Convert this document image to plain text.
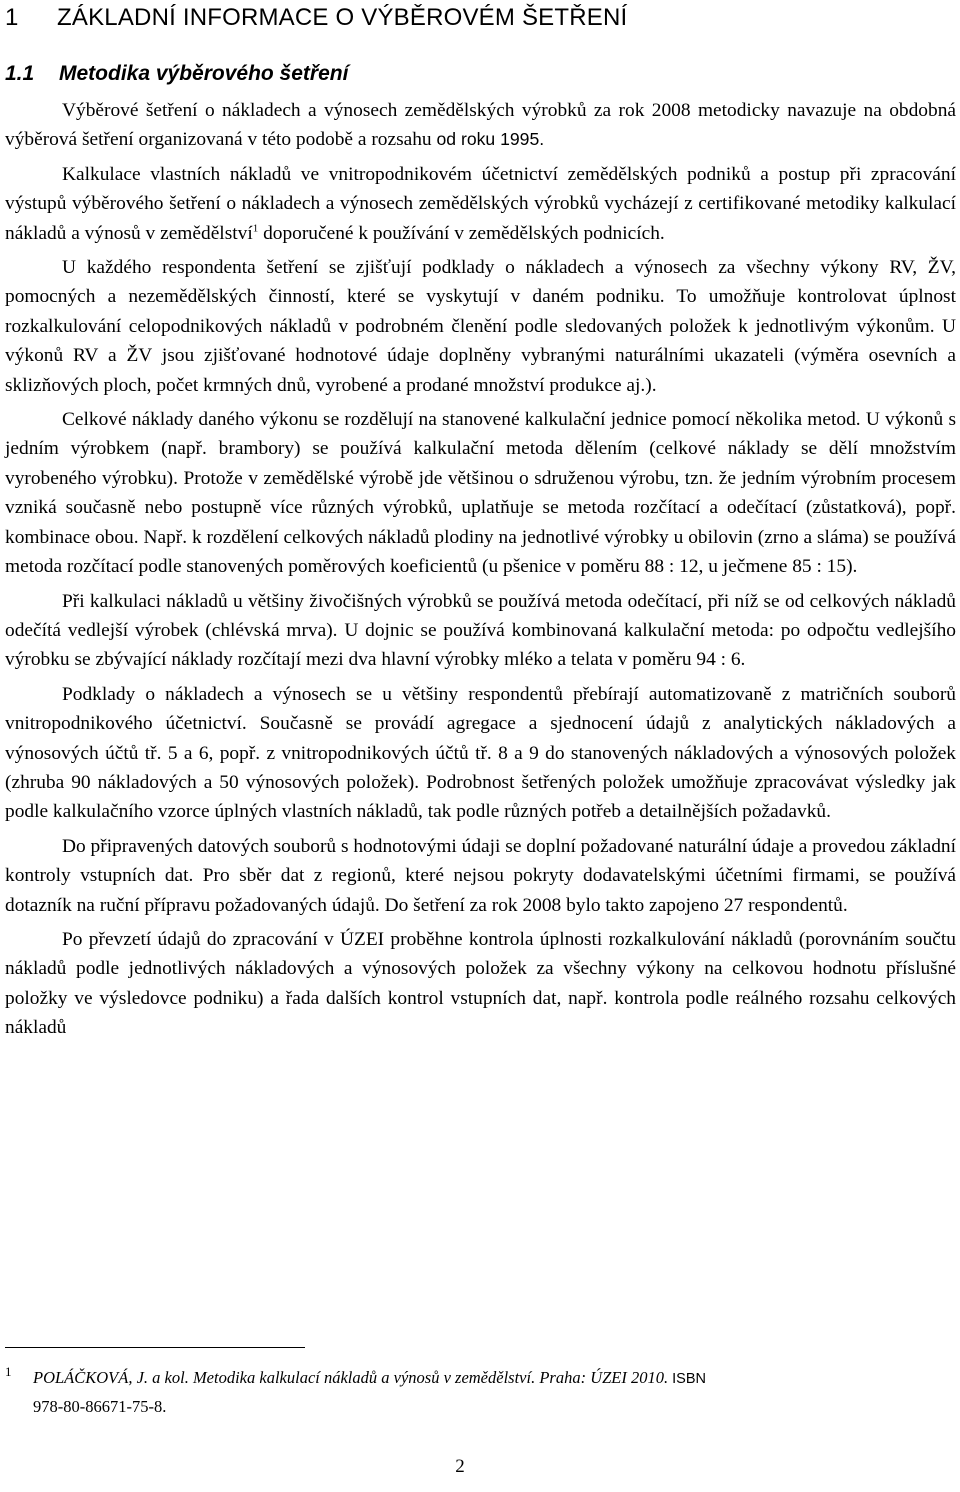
1 ZÁKLADNÍ INFORMACE O VÝBĚROVÉM ŠETŘENÍ
1.1 Metodika výběrového šetření

Výběrové šetření o nákladech a výnosech zemědělských výrobků za rok 2008 metodicky navazuje na obdobná výběrová šetření organizovaná v této podobě a rozsahu od roku 1995.

Kalkulace vlastních nákladů ve vnitropodnikovém účetnictví zemědělských podniků a postup při zpracování výstupů výběrového šetření o nákladech a výnosech zemědělských výrobků vycházejí z certifikované metodiky kalkulací nákladů a výnosů v zemědělství$^1$ doporučené k používání v zemědělských podnicích.

U každého respondenta šetření se zjišťují podklady o nákladech a výnosech za všechny výkony RV, ŽV, pomocných a nezemědělských činností, které se vyskytují v daném podniku. To umožňuje kontrolovat úplnost rozkalkulování celopodnikových nákladů v podrobném členění podle sledovaných položek k jednotlivým výkonům. U výkonů RV a ŽV jsou zjišťované hodnotové údaje doplněny vybranými naturálními ukazateli (výměra osevních a sklizňových ploch, počet krmných dnů, vyrobené a prodané množství produkce aj.).

Celkové náklady daného výkonu se rozdělují na stanovené kalkulační jednice pomocí několika metod. U výkonů s jedním výrobkem (např. brambory) se používá kalkulační metoda dělením (celkové náklady se dělí množstvím vyrobeného výrobku). Protože v zemědělské výrobě jde většinou o sdruženou výrobu, tzn. že jedním výrobním procesem vzniká současně nebo postupně více různých výrobků, uplatňuje se metoda rozčítací a odečítací (zůstatková), popř. kombinace obou. Např. k rozdělení celkových nákladů plodiny na jednotlivé výrobky u obilovin (zrno a sláma) se používá metoda rozčítací podle stanovených poměrových koeficientů (u pšenice v poměru 88 : 12, u ječmene 85 : 15).

Při kalkulaci nákladů u většiny živočišných výrobků se používá metoda odečítací, při níž se od celkových nákladů odečítá vedlejší výrobek (chlévská mrva). U dojnic se používá kombinovaná kalkulační metoda: po odpočtu vedlejšího výrobku se zbývající náklady rozčítají mezi dva hlavní výrobky mléko a telata v poměru 94 : 6.

Podklady o nákladech a výnosech se u většiny respondentů přebírají automatizovaně z matričních souborů vnitropodnikového účetnictví. Současně se provádí agregace a sjednocení údajů z analytických nákladových a výnosových účtů tř. 5 a 6, popř. z vnitropodnikových účtů tř. 8 a 9 do stanovených nákladových a výnosových položek (zhruba 90 nákladových a 50 výnosových položek). Podrobnost šetřených položek umožňuje zpracovávat výsledky jak podle kalkulačního vzorce úplných vlastních nákladů, tak podle různých potřeb a detailnějších požadavků.

Do připravených datových souborů s hodnotovými údaji se doplní požadované naturální údaje a provedou základní kontroly vstupních dat. Pro sběr dat z regionů, které nejsou pokryty dodavatelskými účetními firmami, se používá dotazník na ruční přípravu požadovaných údajů. Do šetření za rok 2008 bylo takto zapojeno 27 respondentů.

Po převzetí údajů do zpracování v ÚZEI proběhne kontrola úplnosti rozkalkulování nákladů (porovnáním součtu nákladů podle jednotlivých nákladových a výnosových položek za všechny výkony na celkovou hodnotu příslušné položky ve výsledovce podniku) a řada dalších kontrol vstupních dat, např. kontrola podle reálného rozsahu celkových nákladů

1	POLÁČKOVÁ, J. a kol. Metodika kalkulací nákladů a výnosů v zemědělství. Praha: ÚZEI 2010. ISBN
978-80-86671-75-8.
2
